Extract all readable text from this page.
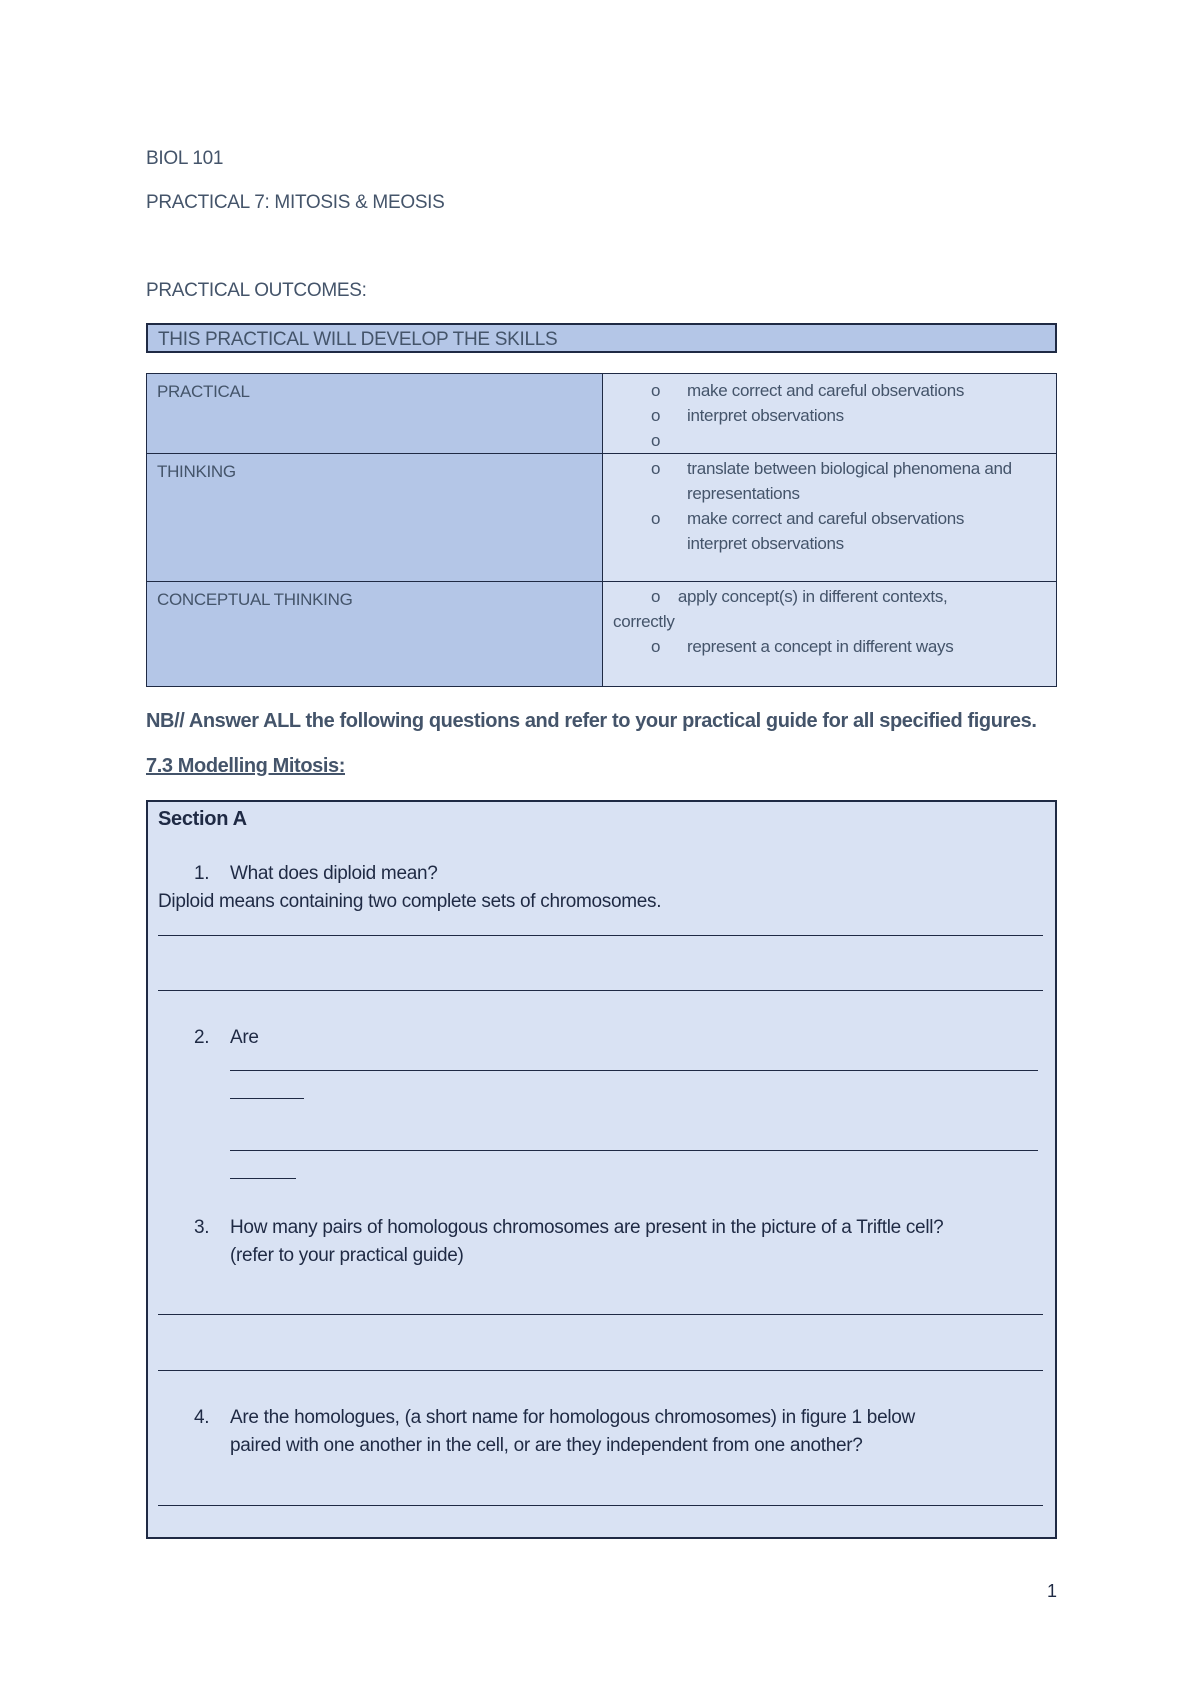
BIOL 101
PRACTICAL 7: MITOSIS & MEOSIS
PRACTICAL OUTCOMES:
THIS PRACTICAL WILL DEVELOP THE SKILLS
PRACTICAL	o make correct and careful observations
o interpret observations
o

THINKING	o translate between biological phenomena and representations
o make correct and careful observations interpret observations

CONCEPTUAL THINKING	o apply concept(s) in different contexts, correctly
o represent a concept in different ways
NB// Answer ALL the following questions and refer to your practical guide for all specified figures.
7.3 Modelling Mitosis:
Section A
1. What does diploid mean?
Diploid means containing two complete sets of chromosomes.
2. Are
3. How many pairs of homologous chromosomes are present in the picture of a Triftle cell?
(refer to your practical guide)
4. Are the homologues, (a short name for homologous chromosomes) in figure 1 below
paired with one another in the cell, or are they independent from one another?
1
